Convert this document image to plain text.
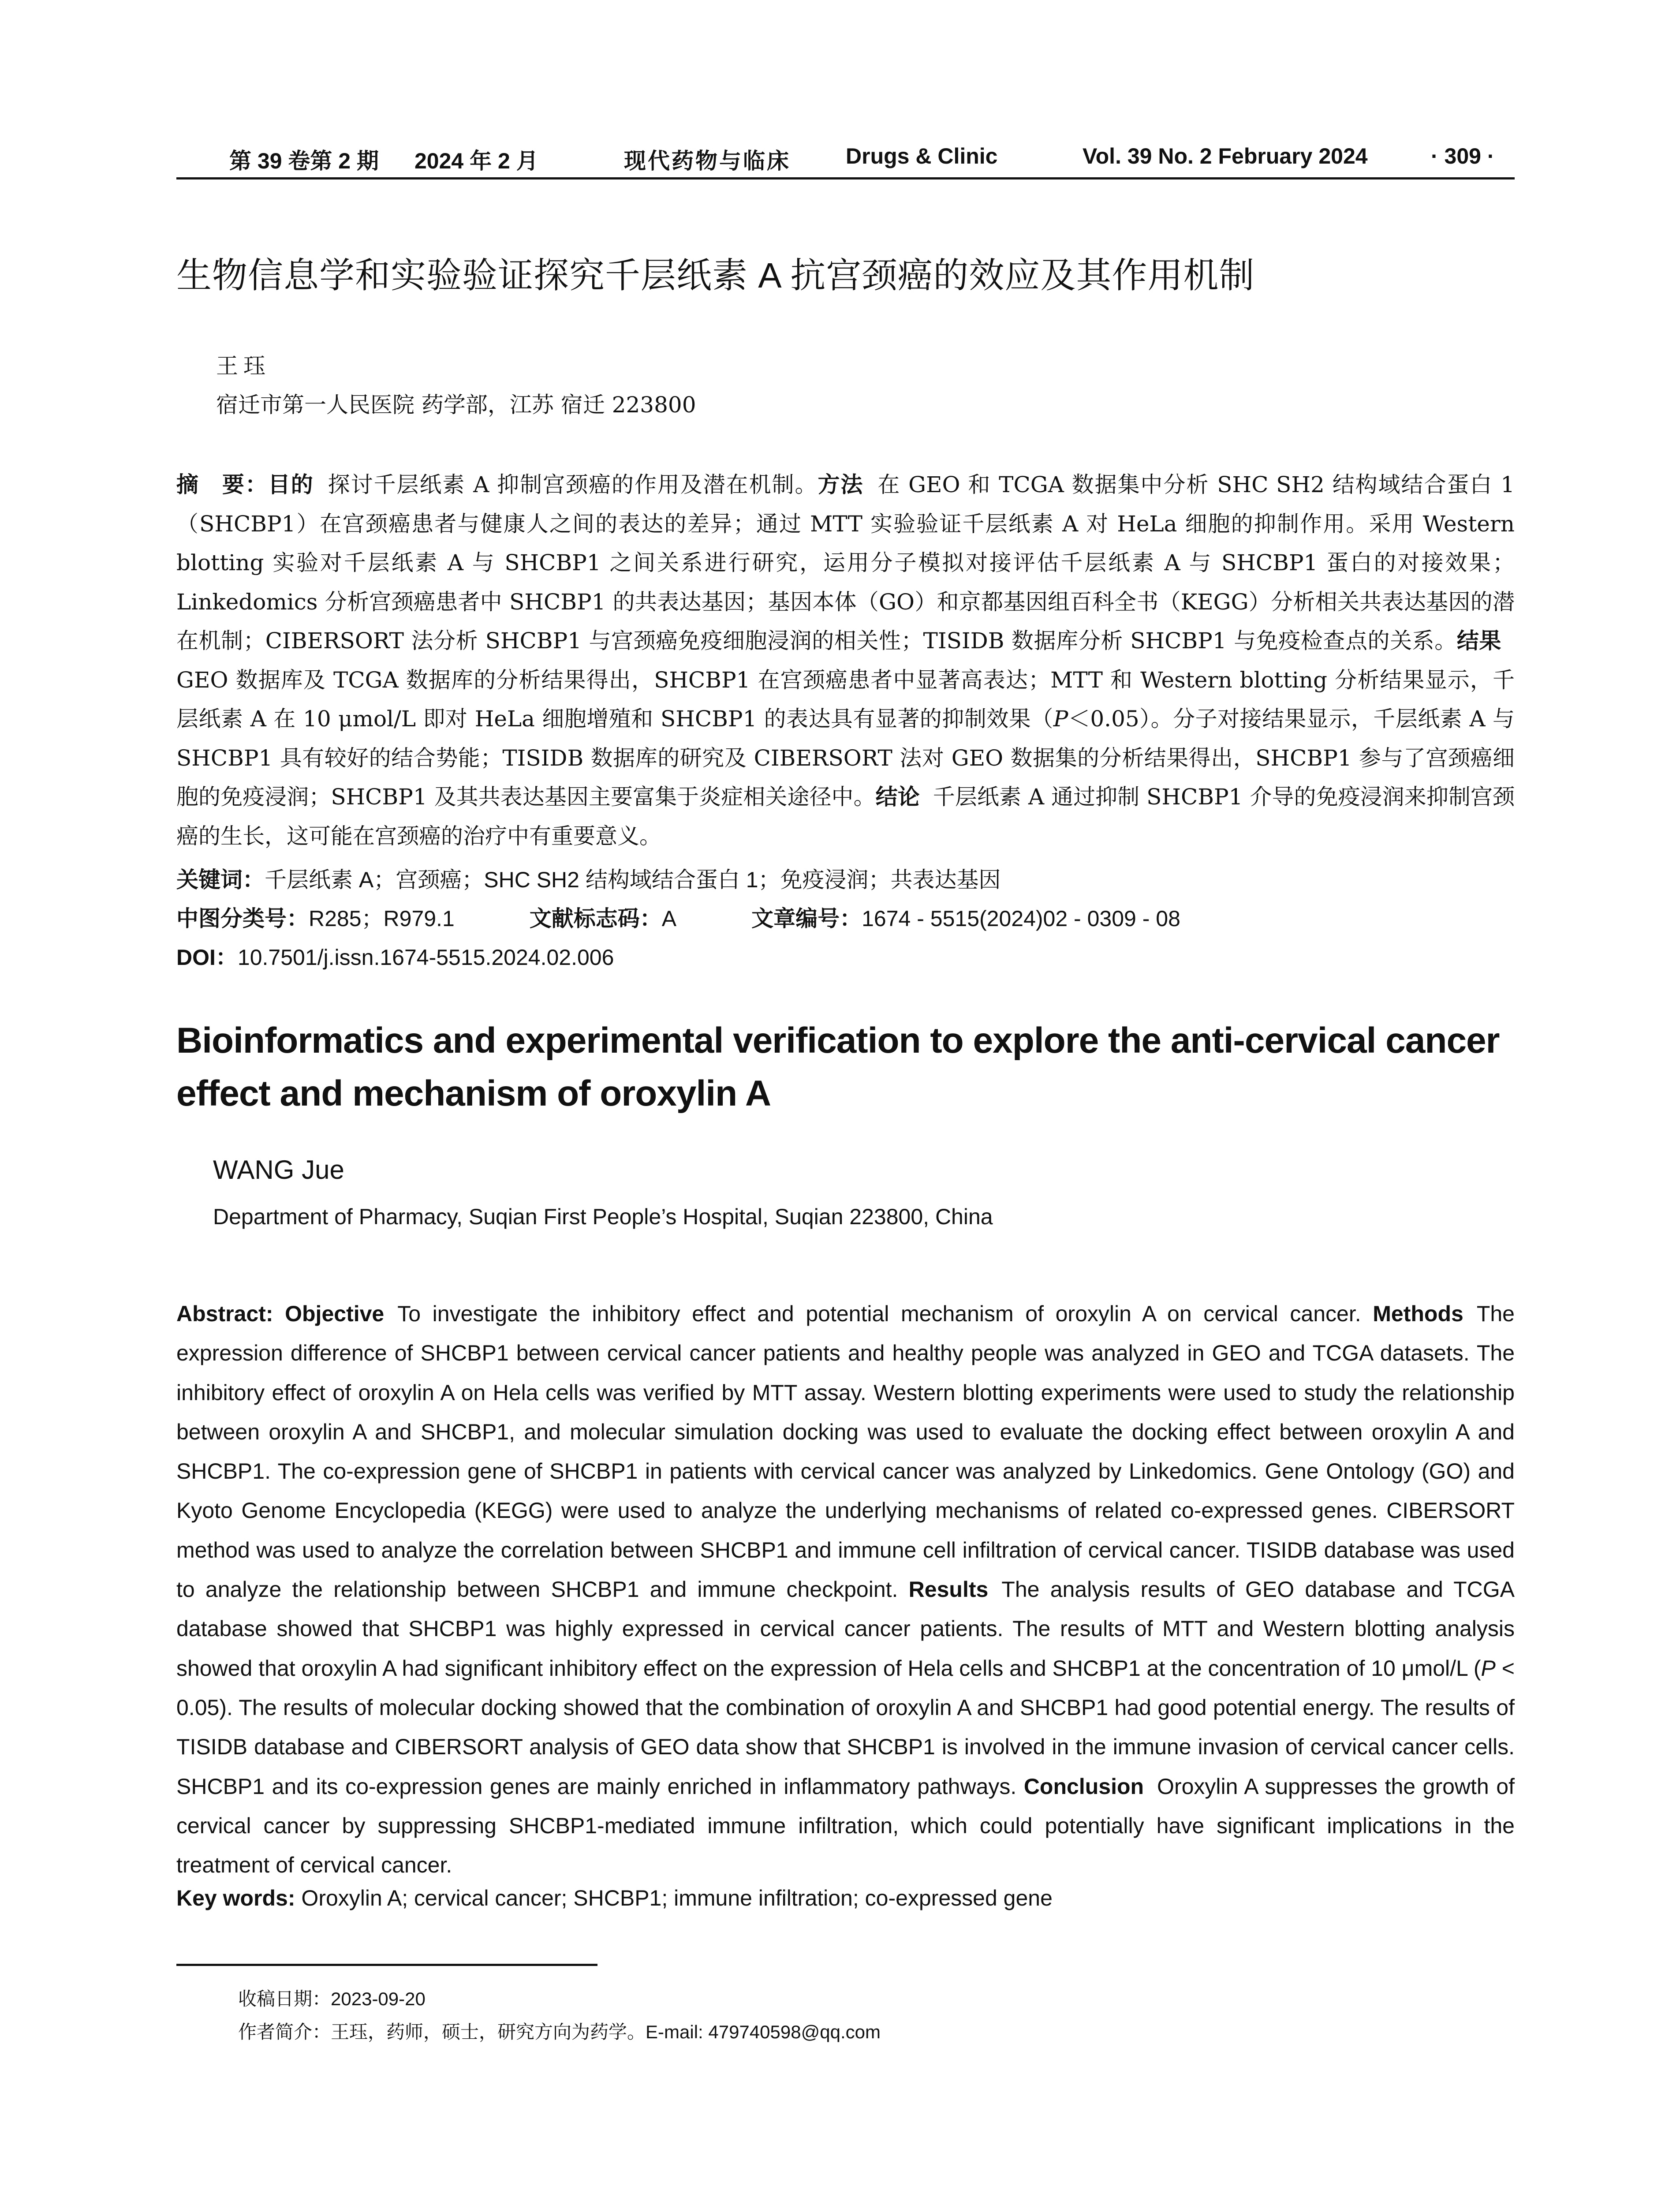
第 39 卷第 2 期 2024 年 2 月	现代药物与临床	Drugs & Clinic	Vol. 39 No. 2 February 2024	· 309 ·
生物信息学和实验验证探究千层纸素 A 抗宫颈癌的效应及其作用机制
王珏
宿迁市第一人民医院 药学部，江苏 宿迁 223800
摘　要：目的 探讨千层纸素 A 抑制宫颈癌的作用及潜在机制。方法 在 GEO 和 TCGA 数据集中分析 SHC SH2 结构域结合蛋白 1（SHCBP1）在宫颈癌患者与健康人之间的表达的差异；通过 MTT 实验验证千层纸素 A 对 HeLa 细胞的抑制作用。采用 Western blotting 实验对千层纸素 A 与 SHCBP1 之间关系进行研究，运用分子模拟对接评估千层纸素 A 与 SHCBP1 蛋白的对接效果；Linkedomics 分析宫颈癌患者中 SHCBP1 的共表达基因；基因本体（GO）和京都基因组百科全书（KEGG）分析相关共表达基因的潜在机制；CIBERSORT 法分析 SHCBP1 与宫颈癌免疫细胞浸润的相关性；TISIDB 数据库分析 SHCBP1 与免疫检查点的关系。结果GEO 数据库及 TCGA 数据库的分析结果得出，SHCBP1 在宫颈癌患者中显著高表达；MTT 和 Western blotting 分析结果显示，千层纸素 A 在 10 μmol/L 即对 HeLa 细胞增殖和 SHCBP1 的表达具有显著的抑制效果（P＜0.05）。分子对接结果显示，千层纸素 A 与 SHCBP1 具有较好的结合势能；TISIDB 数据库的研究及 CIBERSORT 法对 GEO 数据集的分析结果得出，SHCBP1 参与了宫颈癌细胞的免疫浸润；SHCBP1 及其共表达基因主要富集于炎症相关途径中。结论 千层纸素 A 通过抑制 SHCBP1 介导的免疫浸润来抑制宫颈癌的生长，这可能在宫颈癌的治疗中有重要意义。
关键词：千层纸素 A；宫颈癌；SHC SH2 结构域结合蛋白 1；免疫浸润；共表达基因
中图分类号：R285；R979.1	文献标志码：A	文章编号：1674 - 5515(2024)02 - 0309 - 08
DOI：10.7501/j.issn.1674-5515.2024.02.006
Bioinformatics and experimental verification to explore the anti-cervical cancer effect and mechanism of oroxylin A
WANG Jue
Department of Pharmacy, Suqian First People’s Hospital, Suqian 223800, China
Abstract: Objective To investigate the inhibitory effect and potential mechanism of oroxylin A on cervical cancer. Methods The expression difference of SHCBP1 between cervical cancer patients and healthy people was analyzed in GEO and TCGA datasets. The inhibitory effect of oroxylin A on Hela cells was verified by MTT assay. Western blotting experiments were used to study the relationship between oroxylin A and SHCBP1, and molecular simulation docking was used to evaluate the docking effect between oroxylin A and SHCBP1. The co-expression gene of SHCBP1 in patients with cervical cancer was analyzed by Linkedomics. Gene Ontology (GO) and Kyoto Genome Encyclopedia (KEGG) were used to analyze the underlying mechanisms of related co-expressed genes. CIBERSORT method was used to analyze the correlation between SHCBP1 and immune cell infiltration of cervical cancer. TISIDB database was used to analyze the relationship between SHCBP1 and immune checkpoint. Results The analysis results of GEO database and TCGA database showed that SHCBP1 was highly expressed in cervical cancer patients. The results of MTT and Western blotting analysis showed that oroxylin A had significant inhibitory effect on the expression of Hela cells and SHCBP1 at the concentration of 10 μmol/L (P < 0.05). The results of molecular docking showed that the combination of oroxylin A and SHCBP1 had good potential energy. The results of TISIDB database and CIBERSORT analysis of GEO data show that SHCBP1 is involved in the immune invasion of cervical cancer cells. SHCBP1 and its co-expression genes are mainly enriched in inflammatory pathways. Conclusion Oroxylin A suppresses the growth of cervical cancer by suppressing SHCBP1-mediated immune infiltration, which could potentially have significant implications in the treatment of cervical cancer.
Key words: Oroxylin A; cervical cancer; SHCBP1; immune infiltration; co-expressed gene
收稿日期：2023-09-20
作者简介：王珏，药师，硕士，研究方向为药学。E-mail: 479740598@qq.com
